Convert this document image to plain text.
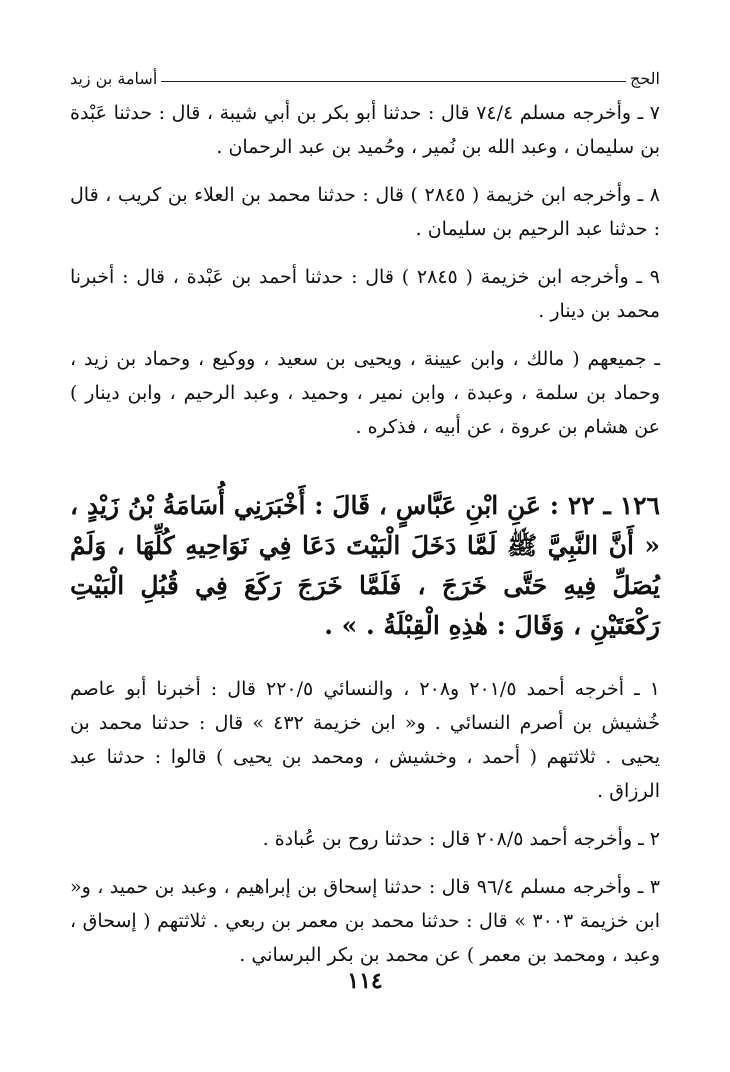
الحج
أسامة بن زيد

٧ ـ وأخرجه مسلم ٧٤/٤ قال : حدثنا أبو بكر بن أبي شيبة ، قال : حدثنا عَبْدة بن سليمان ، وعبد الله بن نُمير ، وحُميد بن عبد الرحمان .

٨ ـ وأخرجه ابن خزيمة ( ٢٨٤٥ ) قال : حدثنا محمد بن العلاء بن كريب ، قال : حدثنا عبد الرحيم بن سليمان .

٩ ـ وأخرجه ابن خزيمة ( ٢٨٤٥ ) قال : حدثنا أحمد بن عَبْدة ، قال : أخبرنا محمد بن دينار .

ـ جميعهم ( مالك ، وابن عيينة ، ويحيى بن سعيد ، ووكيع ، وحماد بن زيد ، وحماد بن سلمة ، وعبدة ، وابن نمير ، وحميد ، وعبد الرحيم ، وابن دينار ) عن هشام بن عروة ، عن أبيه ، فذكره .

١٢٦ ـ ٢٢ : عَنِ ابْنِ عَبَّاسٍ ، قَالَ : أَخْبَرَنِي أُسَامَةُ بْنُ زَيْدٍ ، « أَنَّ النَّبِيَّ ﷺ لَمَّا دَخَلَ الْبَيْتَ دَعَا فِي نَوَاحِيهِ كُلِّهَا ، وَلَمْ يُصَلِّ فِيهِ حَتَّى خَرَجَ ، فَلَمَّا خَرَجَ رَكَعَ فِي قُبُلِ الْبَيْتِ رَكْعَتَيْنِ ، وَقَالَ : هٰذِهِ الْقِبْلَةُ . » .

١ ـ أخرجه أحمد ٢٠١/٥ و٢٠٨ ، والنسائي ٢٢٠/٥ قال : أخبرنا أبو عاصم خُشيش بن أصرم النسائي . و« ابن خزيمة ٤٣٢ » قال : حدثنا محمد بن يحيى . ثلاثتهم ( أحمد ، وخشيش ، ومحمد بن يحيى ) قالوا : حدثنا عبد الرزاق .

٢ ـ وأخرجه أحمد ٢٠٨/٥ قال : حدثنا روح بن عُبادة .

٣ ـ وأخرجه مسلم ٩٦/٤ قال : حدثنا إسحاق بن إبراهيم ، وعبد بن حميد ، و« ابن خزيمة ٣٠٠٣ » قال : حدثنا محمد بن معمر بن ربعي . ثلاثتهم ( إسحاق ، وعبد ، ومحمد بن معمر ) عن محمد بن بكر البرساني .

١١٤
